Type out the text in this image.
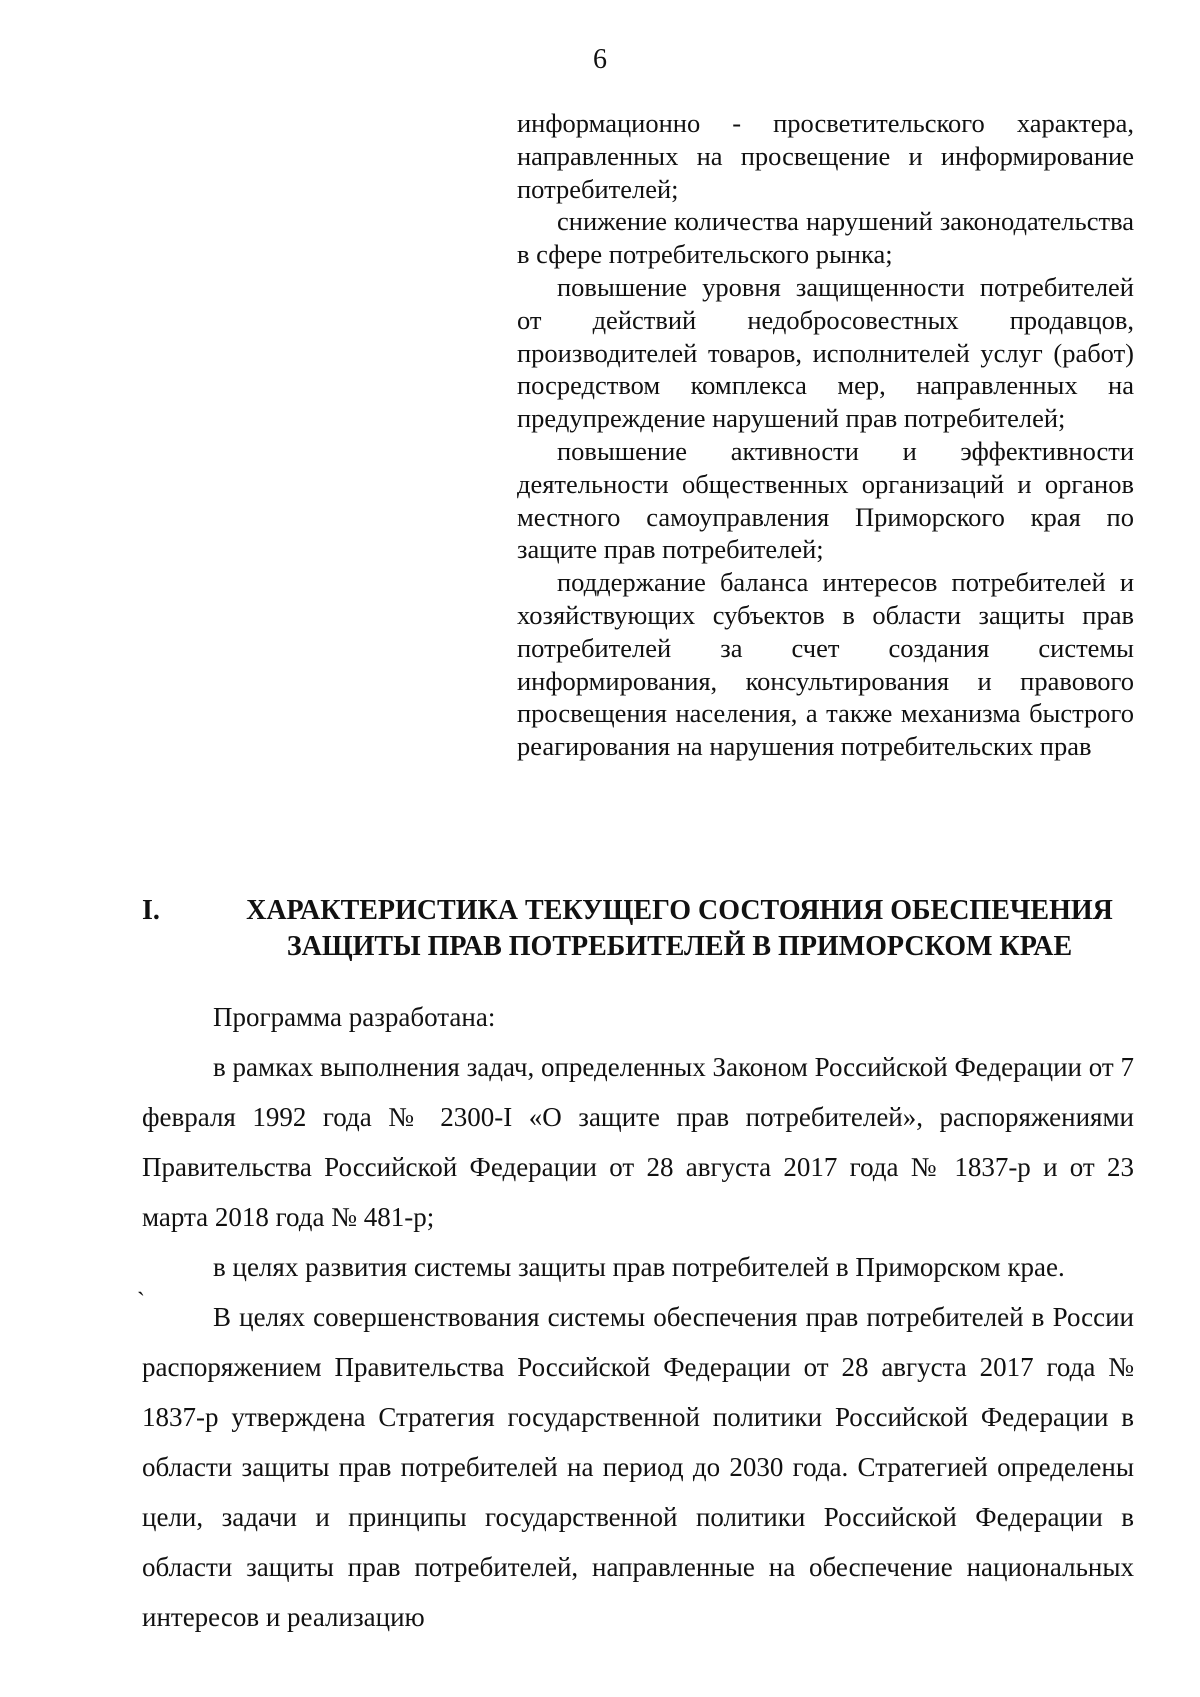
6

информационно - просветительского характера, направленных на просвещение и информирование потребителей;

снижение количества нарушений законодательства в сфере потребительского рынка;

повышение уровня защищенности потребителей от действий недобросовестных продавцов, производителей товаров, исполнителей услуг (работ) посредством комплекса мер, направленных на предупреждение нарушений прав потребителей;

повышение активности и эффективности деятельности общественных организаций и органов местного самоуправления Приморского края по защите прав потребителей;

поддержание баланса интересов потребителей и хозяйствующих субъектов в области защиты прав потребителей за счет создания системы информирования, консультирования и правового просвещения населения, а также механизма быстрого реагирования на нарушения потребительских прав

I.	ХАРАКТЕРИСТИКА ТЕКУЩЕГО СОСТОЯНИЯ ОБЕСПЕЧЕНИЯ
ЗАЩИТЫ ПРАВ ПОТРЕБИТЕЛЕЙ В ПРИМОРСКОМ КРАЕ

Программа разработана:

в рамках выполнения задач, определенных Законом Российской Федерации от 7 февраля 1992 года № 2300-I «О защите прав потребителей», распоряжениями Правительства Российской Федерации от 28 августа 2017 года № 1837-р и от 23 марта 2018 года № 481-р;

в целях развития системы защиты прав потребителей в Приморском крае.

В целях совершенствования системы обеспечения прав потребителей в России распоряжением Правительства Российской Федерации от 28 августа 2017 года № 1837-р утверждена Стратегия государственной политики Российской Федерации в области защиты прав потребителей на период до 2030 года. Стратегией определены цели, задачи и принципы государственной политики Российской Федерации в области защиты прав потребителей, направленные на обеспечение национальных интересов и реализацию

`
